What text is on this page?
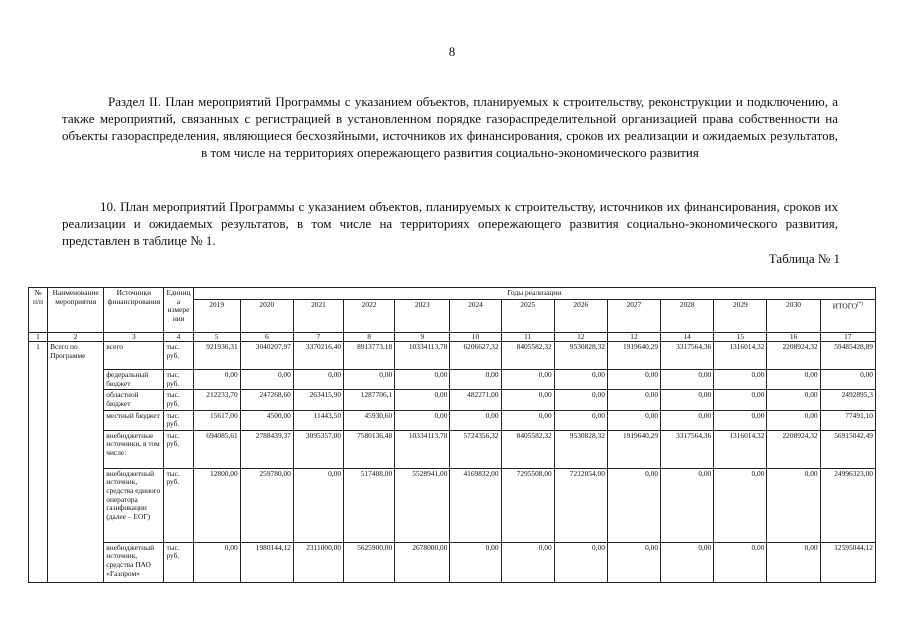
8

Раздел II. План мероприятий Программы с указанием объектов, планируемых к строительству, реконструкции и подключению, а также мероприятий, связанных с регистрацией в установленном порядке газораспределительной организацией права собственности на объекты газораспределения, являющиеся бесхозяйными, источников их финансирования, сроков их реализации и ожидаемых результатов, в том числе на территориях опережающего развития социально-экономического развития

10. План мероприятий Программы с указанием объектов, планируемых к строительству, источников их финансирования, сроков их реализации и ожидаемых результатов, в том числе на территориях опережающего развития социально-экономического развития, представлен в таблице № 1.

Таблица № 1
№ п/п	Наименование мероприятия	Источники финансирования	Единица измерения	Годы реализации												
				2019	2020	2021	2022	2023	2024	2025	2026	2027	2028	2029	2030	ИТОГО(*)
1	2	3	4	5	6	7	8	9	10	11	12	12	14	15	16	17
1	Всего по Программе	всего	тыс. руб.	921936,31	3040207,97	3370216,40	8913773,18	10334113,78	6206627,32	8405582,32	9530828,32	1919640,29	3317564,36	1316014,32	2208924,32	59485428,89
		федеральный бюджет	тыс. руб.	0,00	0,00	0,00	0,00	0,00	0,00	0,00	0,00	0,00	0,00	0,00	0,00	0,00
		областной бюджет	тыс. руб.	212233,70	247268,60	263415,90	1287706,1	0,00	482271,00	0,00	0,00	0,00	0,00	0,00	0,00	2492895,3
		местный бюджет	тыс. руб.	15617,00	4500,00	11443,50	45930,60	0,00	0,00	0,00	0,00	0,00	0,00	0,00	0,00	77491,10
		внебюджетные источники, в том числе:	тыс. руб.	694085,61	2788439,37	3095357,00	7580136,48	10334113,78	5724356,32	8405582,32	9530828,32	1919640,29	3317564,36	1316014,32	2208924,32	56915042,49
		внебюджетный источник, средства единого оператора газификации (далее – ЕОГ)	тыс. руб.	12800,00	259780,00	0,00	517408,00	5528941,00	4169832,00	7295508,00	7212054,00	0,00	0,00	0,00	0,00	24996323,00
		внебюджетный источник, средства ПАО «Газпром»	тыс. руб.	0,00	1980144,12	2311000,00	5625900,00	2678000,00	0,00	0,00	0,00	0,00	0,00	0,00	0,00	12595044,12
